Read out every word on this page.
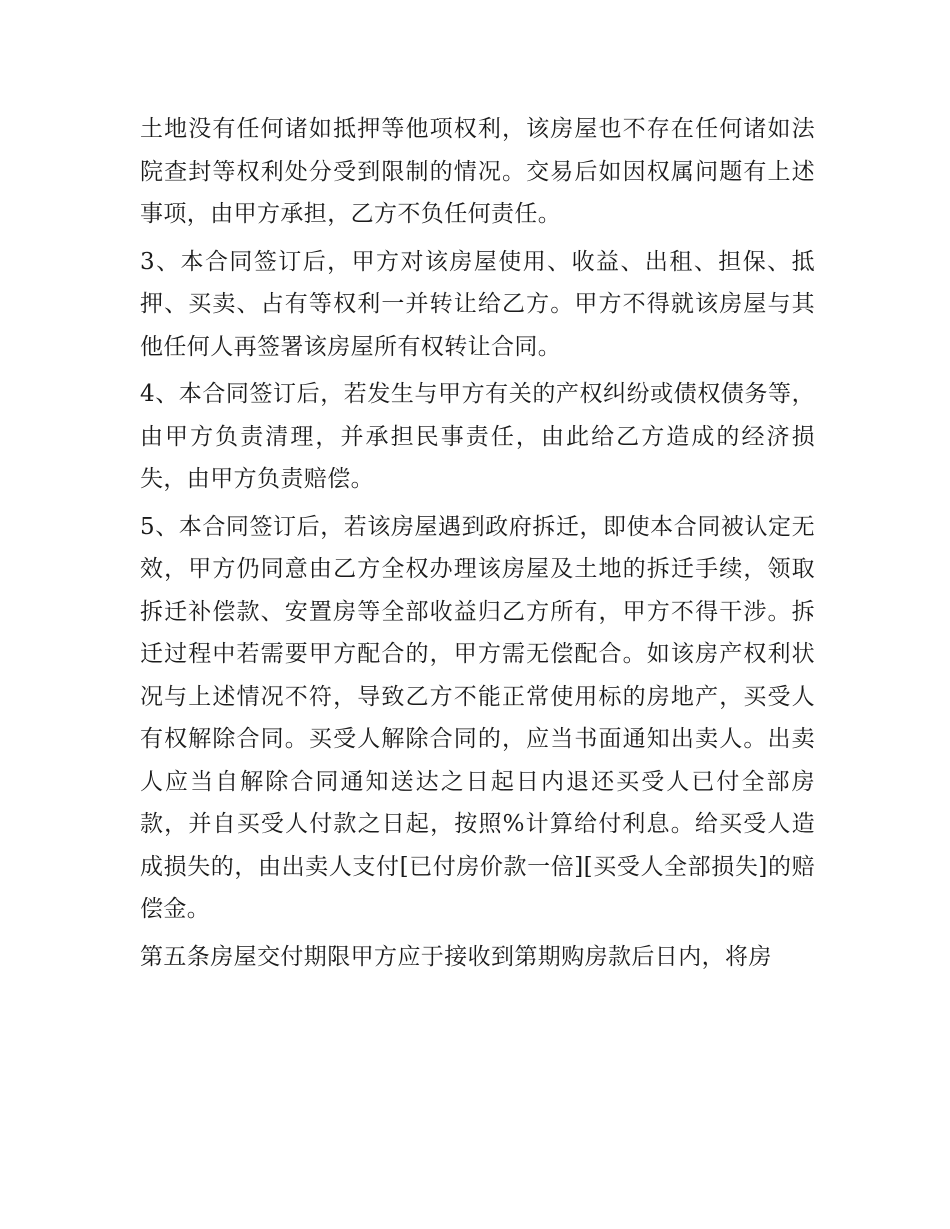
土地没有任何诸如抵押等他项权利，该房屋也不存在任何诸如法院查封等权利处分受到限制的情况。交易后如因权属问题有上述事项，由甲方承担，乙方不负任何责任。

3、本合同签订后，甲方对该房屋使用、收益、出租、担保、抵押、买卖、占有等权利一并转让给乙方。甲方不得就该房屋与其他任何人再签署该房屋所有权转让合同。

4、本合同签订后，若发生与甲方有关的产权纠纷或债权债务等，由甲方负责清理，并承担民事责任，由此给乙方造成的经济损失，由甲方负责赔偿。

5、本合同签订后，若该房屋遇到政府拆迁，即使本合同被认定无效，甲方仍同意由乙方全权办理该房屋及土地的拆迁手续，领取拆迁补偿款、安置房等全部收益归乙方所有，甲方不得干涉。拆迁过程中若需要甲方配合的，甲方需无偿配合。如该房产权利状况与上述情况不符，导致乙方不能正常使用标的房地产，买受人有权解除合同。买受人解除合同的，应当书面通知出卖人。出卖人应当自解除合同通知送达之日起日内退还买受人已付全部房款，并自买受人付款之日起，按照%计算给付利息。给买受人造成损失的，由出卖人支付[已付房价款一倍][买受人全部损失]的赔偿金。

第五条房屋交付期限甲方应于接收到第期购房款后日内，将房
